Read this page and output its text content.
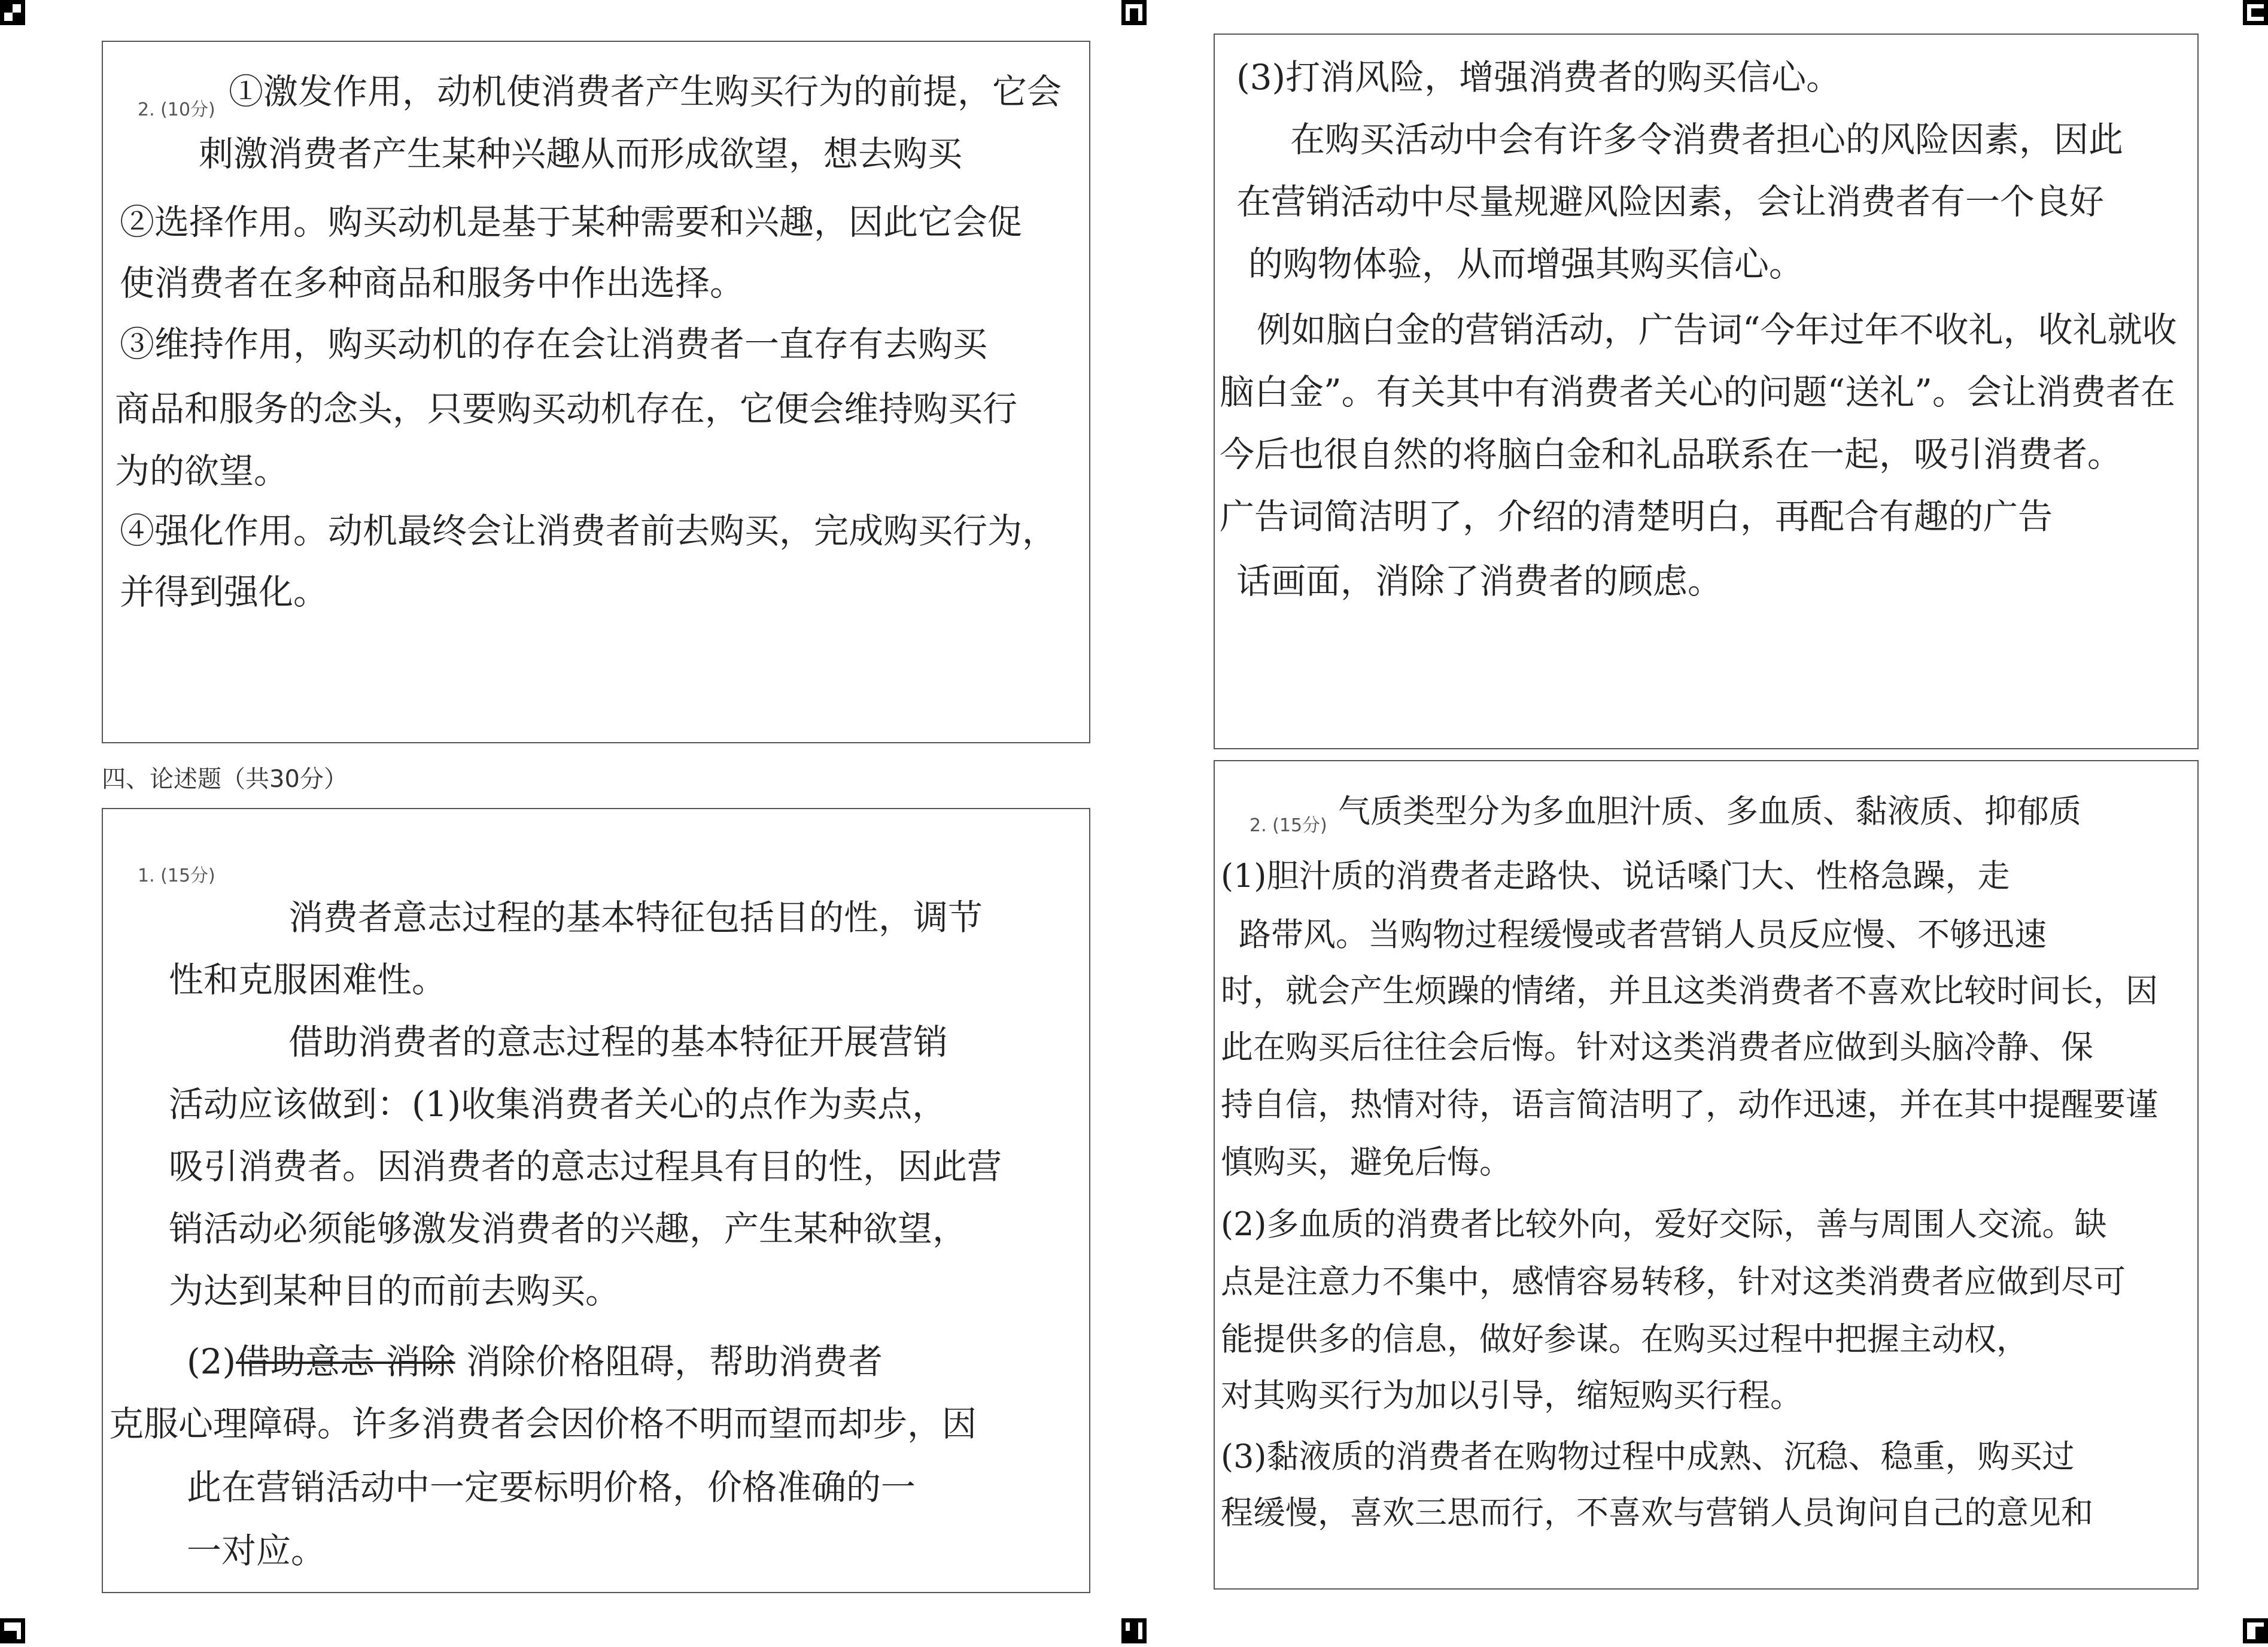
2. (10分) ①激发作用，动机使消费者产生购买行为的前提，它会
刺激消费者产生某种兴趣从而形成欲望，想去购买
②选择作用。购买动机是基于某种需要和兴趣，因此它会促
使消费者在多种商品和服务中作出选择。
③维持作用，购买动机的存在会让消费者一直存有去购买
商品和服务的念头，只要购买动机存在，它便会维持购买行
为的欲望。
④强化作用。动机最终会让消费者前去购买，完成购买行为，
并得到强化。
四、论述题（共30分）
1. (15分)
消费者意志过程的基本特征包括目的性，调节
性和克服困难性。
借助消费者的意志过程的基本特征开展营销
活动应该做到：(1)收集消费者关心的点作为卖点，
吸引消费者。因消费者的意志过程具有目的性，因此营
销活动必须能够激发消费者的兴趣，产生某种欲望，
为达到某种目的而前去购买。
(2)借助意志 消除 消除价格阻碍，帮助消费者
克服心理障碍。许多消费者会因价格不明而望而却步，因
此在营销活动中一定要标明价格，价格准确的一
一对应。
(3)打消风险，增强消费者的购买信心。
在购买活动中会有许多令消费者担心的风险因素，因此
在营销活动中尽量规避风险因素，会让消费者有一个良好
的购物体验，从而增强其购买信心。
例如脑白金的营销活动，广告词“今年过年不收礼，收礼就收
脑白金”。有关其中有消费者关心的问题“送礼”。会让消费者在
今后也很自然的将脑白金和礼品联系在一起，吸引消费者。
广告词简洁明了，介绍的清楚明白，再配合有趣的广告
话画面，消除了消费者的顾虑。
2. (15分) 气质类型分为多血胆汁质、多血质、黏液质、抑郁质
(1)胆汁质的消费者走路快、说话嗓门大、性格急躁，走
路带风。当购物过程缓慢或者营销人员反应慢、不够迅速
时，就会产生烦躁的情绪，并且这类消费者不喜欢比较时间长，因
此在购买后往往会后悔。针对这类消费者应做到头脑冷静、保
持自信，热情对待，语言简洁明了，动作迅速，并在其中提醒要谨
慎购买，避免后悔。
(2)多血质的消费者比较外向，爱好交际，善与周围人交流。缺
点是注意力不集中，感情容易转移，针对这类消费者应做到尽可
能提供多的信息，做好参谋。在购买过程中把握主动权，
对其购买行为加以引导，缩短购买行程。
(3)黏液质的消费者在购物过程中成熟、沉稳、稳重，购买过
程缓慢，喜欢三思而行，不喜欢与营销人员询问自己的意见和
